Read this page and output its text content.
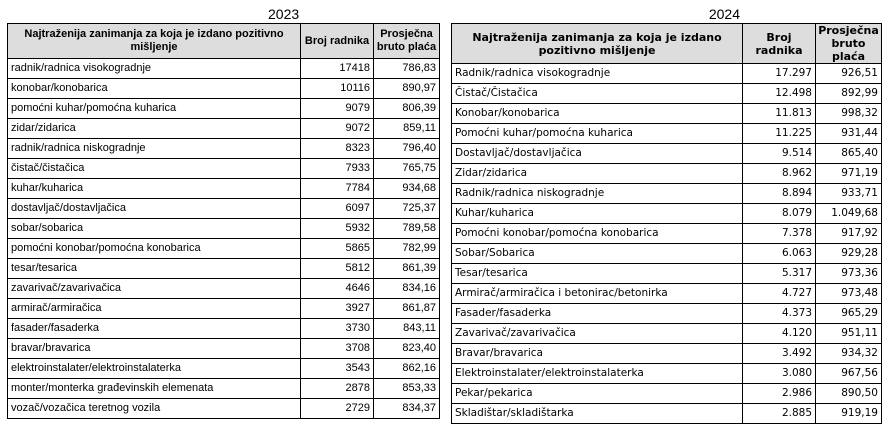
2023
Najtraženija zanimanja za koja je izdano pozitivno mišljenje	Broj radnika	Prosječna bruto plaća
radnik/radnica visokogradnje	17418	786,83
konobar/konobarica	10116	890,97
pomoćni kuhar/pomoćna kuharica	9079	806,39
zidar/zidarica	9072	859,11
radnik/radnica niskogradnje	8323	796,40
čistač/čistačica	7933	765,75
kuhar/kuharica	7784	934,68
dostavljač/dostavljačica	6097	725,37
sobar/sobarica	5932	789,58
pomoćni konobar/pomoćna konobarica	5865	782,99
tesar/tesarica	5812	861,39
zavarivač/zavarivačica	4646	834,16
armirač/armiračica	3927	861,87
fasader/fasaderka	3730	843,11
bravar/bravarica	3708	823,40
elektroinstalater/elektroinstalaterka	3543	862,16
monter/monterka građevinskih elemenata	2878	853,33
vozač/vozačica teretnog vozila	2729	834,37
2024
Najtraženija zanimanja za koja je izdano pozitivno mišljenje	Broj radnika	Prosječna bruto plaća
Radnik/radnica visokogradnje	17.297	926,51
Čistač/Čistačica	12.498	892,99
Konobar/konobarica	11.813	998,32
Pomoćni kuhar/pomoćna kuharica	11.225	931,44
Dostavljač/dostavljačica	9.514	865,40
Zidar/zidarica	8.962	971,19
Radnik/radnica niskogradnje	8.894	933,71
Kuhar/kuharica	8.079	1.049,68
Pomoćni konobar/pomoćna konobarica	7.378	917,92
Sobar/Sobarica	6.063	929,28
Tesar/tesarica	5.317	973,36
Armirač/armiračica i betonirac/betonirka	4.727	973,48
Fasader/fasaderka	4.373	965,29
Zavarivač/zavarivačica	4.120	951,11
Bravar/bravarica	3.492	934,32
Elektroinstalater/elektroinstalaterka	3.080	967,56
Pekar/pekarica	2.986	890,50
Skladištar/skladištarka	2.885	919,19
